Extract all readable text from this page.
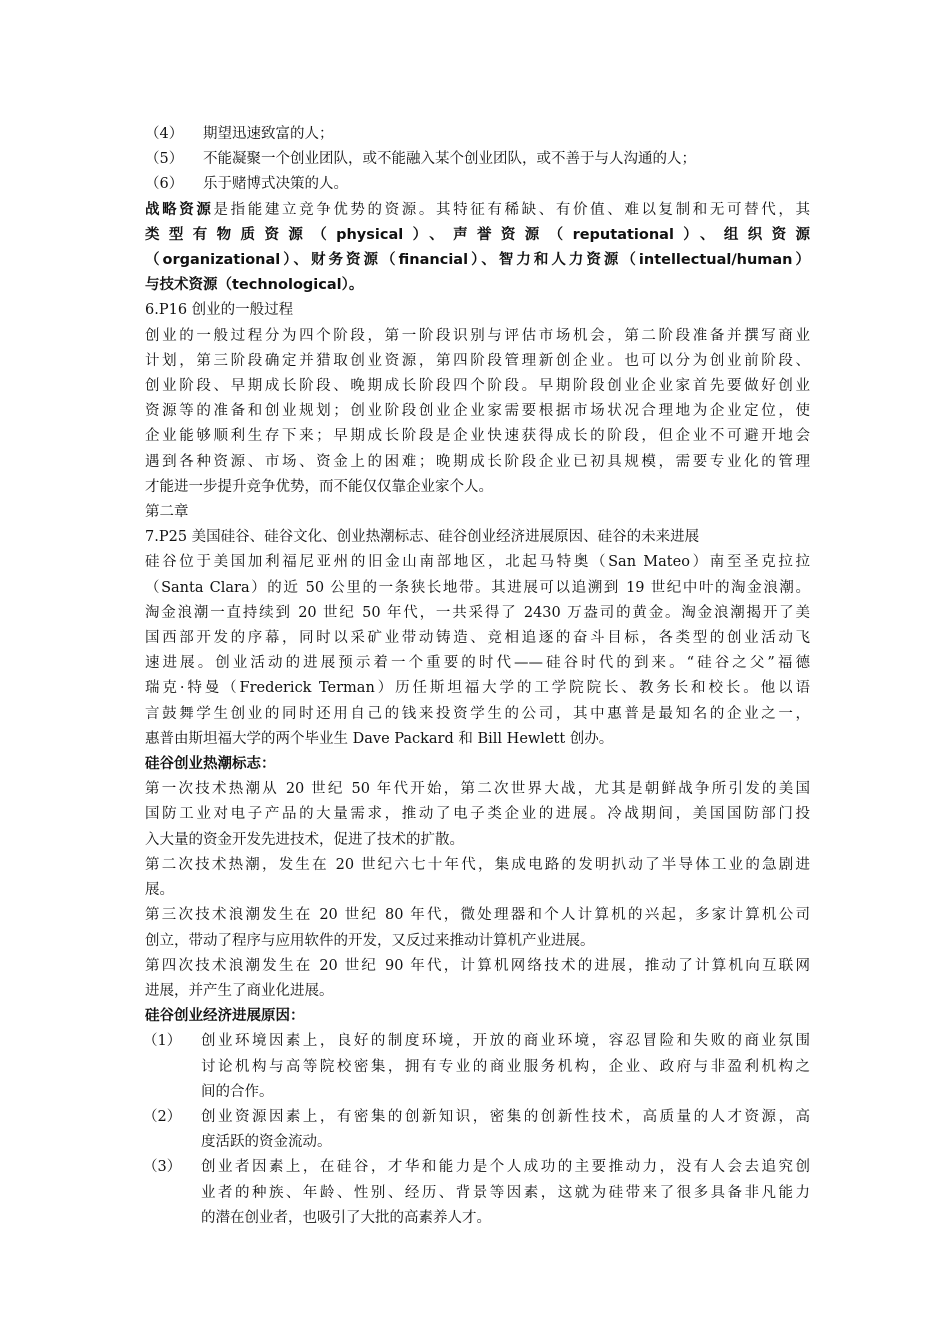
（4）	期望迅速致富的人；
（5）	不能凝聚一个创业团队，或不能融入某个创业团队，或不善于与人沟通的人；
（6）	乐于赌博式决策的人。
战略资源是指能建立竞争优势的资源。其特征有稀缺、有价值、难以复制和无可替代，其
类型有物质资源（physical）、声誉资源（reputational）、组织资源
（organizational）、财务资源（financial）、智力和人力资源（intellectual/human）
与技术资源（technological）。
6.P16 创业的一般过程
创业的一般过程分为四个阶段，第一阶段识别与评估市场机会，第二阶段准备并撰写商业
计划，第三阶段确定并猎取创业资源，第四阶段管理新创企业。也可以分为创业前阶段、
创业阶段、早期成长阶段、晚期成长阶段四个阶段。早期阶段创业企业家首先要做好创业
资源等的准备和创业规划；创业阶段创业企业家需要根据市场状况合理地为企业定位，使
企业能够顺利生存下来；早期成长阶段是企业快速获得成长的阶段，但企业不可避开地会
遇到各种资源、市场、资金上的困难；晚期成长阶段企业已初具规模，需要专业化的管理
才能进一步提升竞争优势，而不能仅仅靠企业家个人。
第二章
7.P25 美国硅谷、硅谷文化、创业热潮标志、硅谷创业经济进展原因、硅谷的未来进展
硅谷位于美国加利福尼亚州的旧金山南部地区，北起马特奥（San Mateo）南至圣克拉拉
（Santa Clara）的近 50 公里的一条狭长地带。其进展可以追溯到 19 世纪中叶的淘金浪潮。
淘金浪潮一直持续到 20 世纪 50 年代，一共采得了 2430 万盎司的黄金。淘金浪潮揭开了美
国西部开发的序幕，同时以采矿业带动铸造、竞相追逐的奋斗目标，各类型的创业活动飞
速进展。创业活动的进展预示着一个重要的时代——硅谷时代的到来。“硅谷之父”福德
瑞克·特曼（Frederick Terman）历任斯坦福大学的工学院院长、教务长和校长。他以语
言鼓舞学生创业的同时还用自己的钱来投资学生的公司，其中惠普是最知名的企业之一，
惠普由斯坦福大学的两个毕业生 Dave Packard 和 Bill Hewlett 创办。
硅谷创业热潮标志：
第一次技术热潮从 20 世纪 50 年代开始，第二次世界大战，尤其是朝鲜战争所引发的美国
国防工业对电子产品的大量需求，推动了电子类企业的进展。冷战期间，美国国防部门投
入大量的资金开发先进技术，促进了技术的扩散。
第二次技术热潮，发生在 20 世纪六七十年代，集成电路的发明扒动了半导体工业的急剧进
展。
第三次技术浪潮发生在 20 世纪 80 年代，微处理器和个人计算机的兴起，多家计算机公司
创立，带动了程序与应用软件的开发，又反过来推动计算机产业进展。
第四次技术浪潮发生在 20 世纪 90 年代，计算机网络技术的进展，推动了计算机向互联网
进展，并产生了商业化进展。
硅谷创业经济进展原因：
（1）	创业环境因素上，良好的制度环境，开放的商业环境，容忍冒险和失败的商业氛围
讨论机构与高等院校密集，拥有专业的商业服务机构，企业、政府与非盈利机构之
间的合作。
（2）	创业资源因素上，有密集的创新知识，密集的创新性技术，高质量的人才资源，高
度活跃的资金流动。
（3）	创业者因素上，在硅谷，才华和能力是个人成功的主要推动力，没有人会去追究创
业者的种族、年龄、性别、经历、背景等因素，这就为硅带来了很多具备非凡能力
的潜在创业者，也吸引了大批的高素养人才。
